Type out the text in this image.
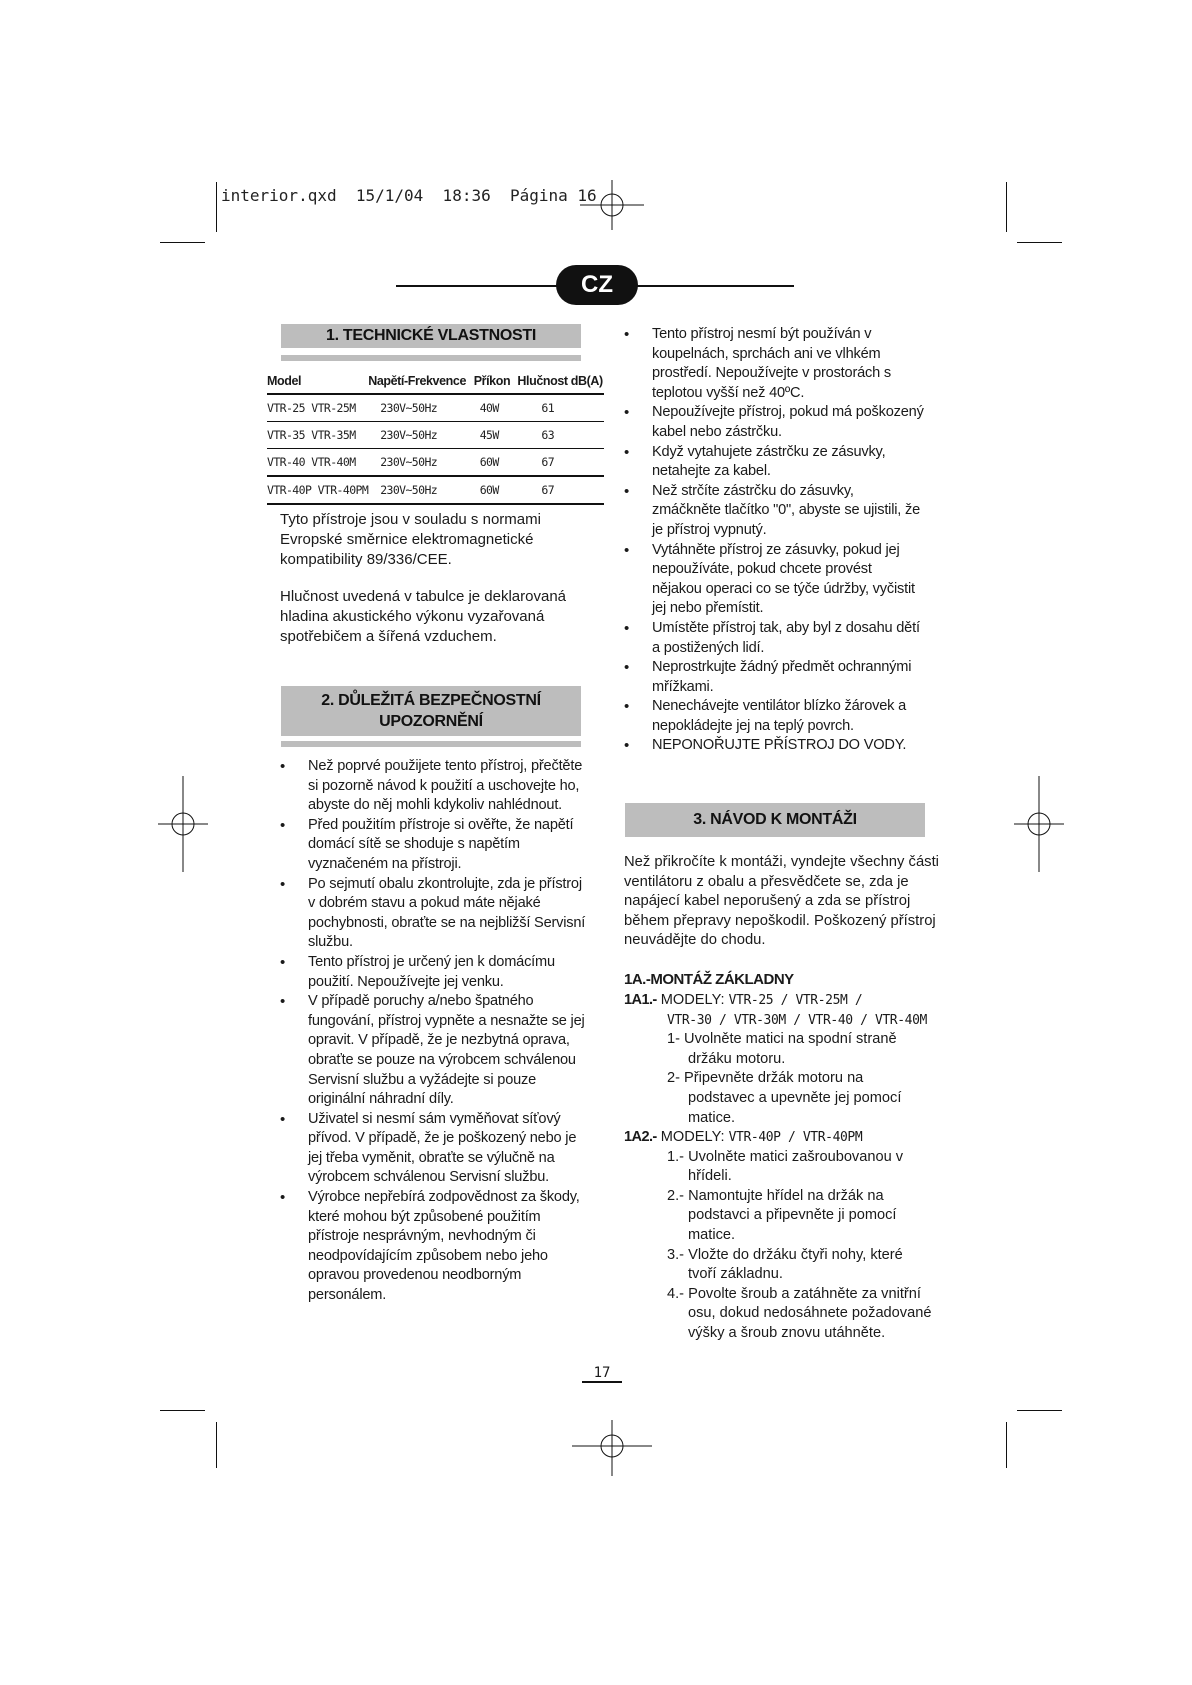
interior.qxd  15/1/04  18:36  Página 16
CZ
1. TECHNICKÉ VLASTNOSTI
Model	Napětí-Frekvence	Příkon	Hlučnost dB(A)
VTR-25 VTR-25M	230V~50Hz	40W	61
VTR-35 VTR-35M	230V~50Hz	45W	63
VTR-40 VTR-40M	230V~50Hz	60W	67
VTR-40P VTR-40PM	230V~50Hz	60W	67
Tyto přístroje jsou v souladu s normami Evropské směrnice elektromagnetické kompatibility 89/336/CEE.
Hlučnost uvedená v tabulce je deklarovaná hladina akustického výkonu vyzařovaná spotřebičem a šířená vzduchem.
2. DŮLEŽITÁ BEZPEČNOSTNÍ
UPOZORNĚNÍ
• Než poprvé použijete tento přístroj, přečtěte si pozorně návod k použití a uschovejte ho, abyste do něj mohli kdykoliv nahlédnout.
• Před použitím přístroje si ověřte, že napětí domácí sítě se shoduje s napětím vyznačeném na přístroji.
• Po sejmutí obalu zkontrolujte, zda je přístroj v dobrém stavu a pokud máte nějaké pochybnosti, obraťte se na nejbližší Servisní službu.
• Tento přístroj je určený jen k domácímu použití. Nepoužívejte jej venku.
• V případě poruchy a/nebo špatného fungování, přístroj vypněte a nesnažte se jej opravit. V případě, že je nezbytná oprava, obraťte se pouze na výrobcem schválenou Servisní službu a vyžádejte si pouze originální náhradní díly.
• Uživatel si nesmí sám vyměňovat síťový přívod. V případě, že je poškozený nebo je jej třeba vyměnit, obraťte se výlučně na výrobcem schválenou Servisní službu.
• Výrobce nepřebírá zodpovědnost za škody, které mohou být způsobené použitím přístroje nesprávným, nevhodným či neodpovídajícím způsobem nebo jeho opravou provedenou neodborným personálem.
• Tento přístroj nesmí být používán v koupelnách, sprchách ani ve vlhkém prostředí. Nepoužívejte v prostorách s teplotou vyšší než 40ºC.
• Nepoužívejte přístroj, pokud má poškozený kabel nebo zástrčku.
• Když vytahujete zástrčku ze zásuvky, netahejte za kabel.
• Než strčíte zástrčku do zásuvky, zmáčkněte tlačítko "0", abyste se ujistili, že je přístroj vypnutý.
• Vytáhněte přístroj ze zásuvky, pokud jej nepoužíváte, pokud chcete provést nějakou operaci co se týče údržby, vyčistit jej nebo přemístit.
• Umístěte přístroj tak, aby byl z dosahu dětí a postižených lidí.
• Neprostrkujte žádný předmět ochrannými mřížkami.
• Nenechávejte ventilátor blízko žárovek a nepokládejte jej na teplý povrch.
• NEPONOŘUJTE PŘÍSTROJ DO VODY.
3. NÁVOD K MONTÁŽI
Než přikročíte k montáži, vyndejte všechny části ventilátoru z obalu a přesvědčete se, zda je napájecí kabel neporušený a zda se přístroj během přepravy nepoškodil. Poškozený přístroj neuvádějte do chodu.
1A.-MONTÁŽ ZÁKLADNY
1A1.- MODELY: VTR-25 / VTR-25M /
VTR-30 / VTR-30M / VTR-40 / VTR-40M
1- Uvolněte matici na spodní straně držáku motoru.
2- Připevněte držák motoru na podstavec a upevněte jej pomocí matice.
1A2.- MODELY: VTR-40P / VTR-40PM
1.- Uvolněte matici zašroubovanou v hřídeli.
2.- Namontujte hřídel na držák na podstavci a připevněte ji pomocí matice.
3.- Vložte do držáku čtyři nohy, které tvoří základnu.
4.- Povolte šroub a zatáhněte za vnitřní osu, dokud nedosáhnete požadované výšky a šroub znovu utáhněte.
17
